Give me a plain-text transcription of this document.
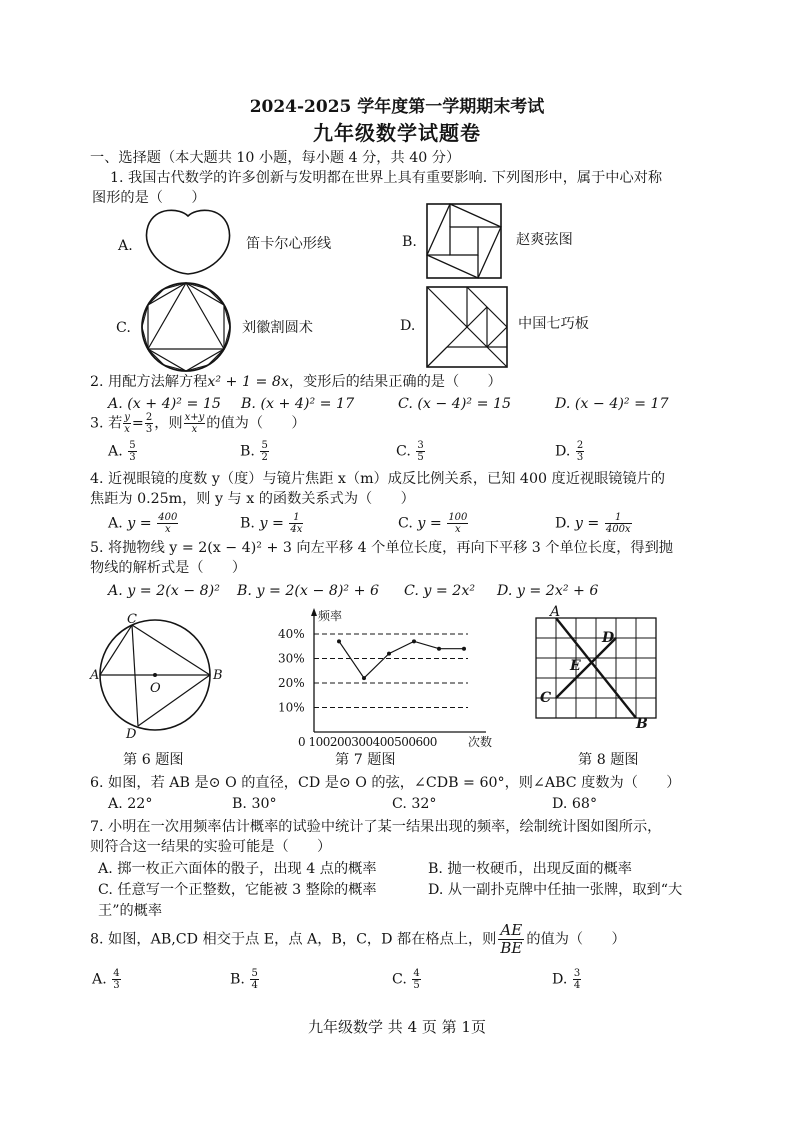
2024-2025 学年度第一学期期末考试
九年级数学试题卷
一、选择题（本大题共 10 小题，每小题 4 分，共 40 分）
1. 我国古代数学的许多创新与发明都在世界上具有重要影响. 下列图形中，属于中心对称
图形的是（　　）
A.	笛卡尔心形线	B.	赵爽弦图
C.	刘徽割圆术	D.	中国七巧板
2. 用配方法解方程x² + 1 = 8x，变形后的结果正确的是（　　）
A. (x + 4)² = 15 B. (x + 4)² = 17	C. (x − 4)² = 15	D. (x − 4)² = 17
3. 若 $\frac{y}{x} = \frac{2}{3}$ ，则 $\frac{x+y}{x}$ 的值为（　　）
A. $\frac{5}{3}$	B. $\frac{5}{2}$	C. $\frac{3}{5}$	D. $\frac{2}{3}$
4. 近视眼镜的度数 y（度）与镜片焦距 x（m）成反比例关系，已知 400 度近视眼镜镜片的
焦距为 0.25m，则 y 与 x 的函数关系式为（　　）
A. $y = \frac{400}{x}$	B. $y = \frac{1}{4x}$	C. $y = \frac{100}{x}$	D. $y = \frac{1}{400x}$
5. 将抛物线 y = 2(x − 4)² + 3 向左平移 4 个单位长度，再向下平移 3 个单位长度，得到抛
物线的解析式是（　　）
A. y = 2(x − 8)² B. y = 2(x − 8)² + 6 C. y = 2x² D. y = 2x² + 6
C
A	B
O
D
第 6 题图
频率
次数
0 100200300400500600
10%
20%
30%
40%
第 7 题图
A
B
C
D
E
第 8 题图
6. 如图，若 AB 是⊙ O 的直径，CD 是⊙ O 的弦，∠CDB = 60°，则∠ABC 度数为（　　）
A. 22°	B. 30°	C. 32°	D. 68°
7. 小明在一次用频率估计概率的试验中统计了某一结果出现的频率，绘制统计图如图所示，
则符合这一结果的实验可能是（　　）
A. 掷一枚正六面体的骰子，出现 4 点的概率	B. 抛一枚硬币，出现反面的概率
C. 任意写一个正整数，它能被 3 整除的概率	D. 从一副扑克牌中任抽一张牌，取到“大
王”的概率
8. 如图，AB,CD 相交于点 E，点 A，B，C，D 都在格点上，则 $\frac{AE}{BE}$ 的值为（　　）
A. $\frac{4}{3}$	B. $\frac{5}{4}$	C. $\frac{4}{5}$	D. $\frac{3}{4}$
九年级数学 共 4 页 第 1页
